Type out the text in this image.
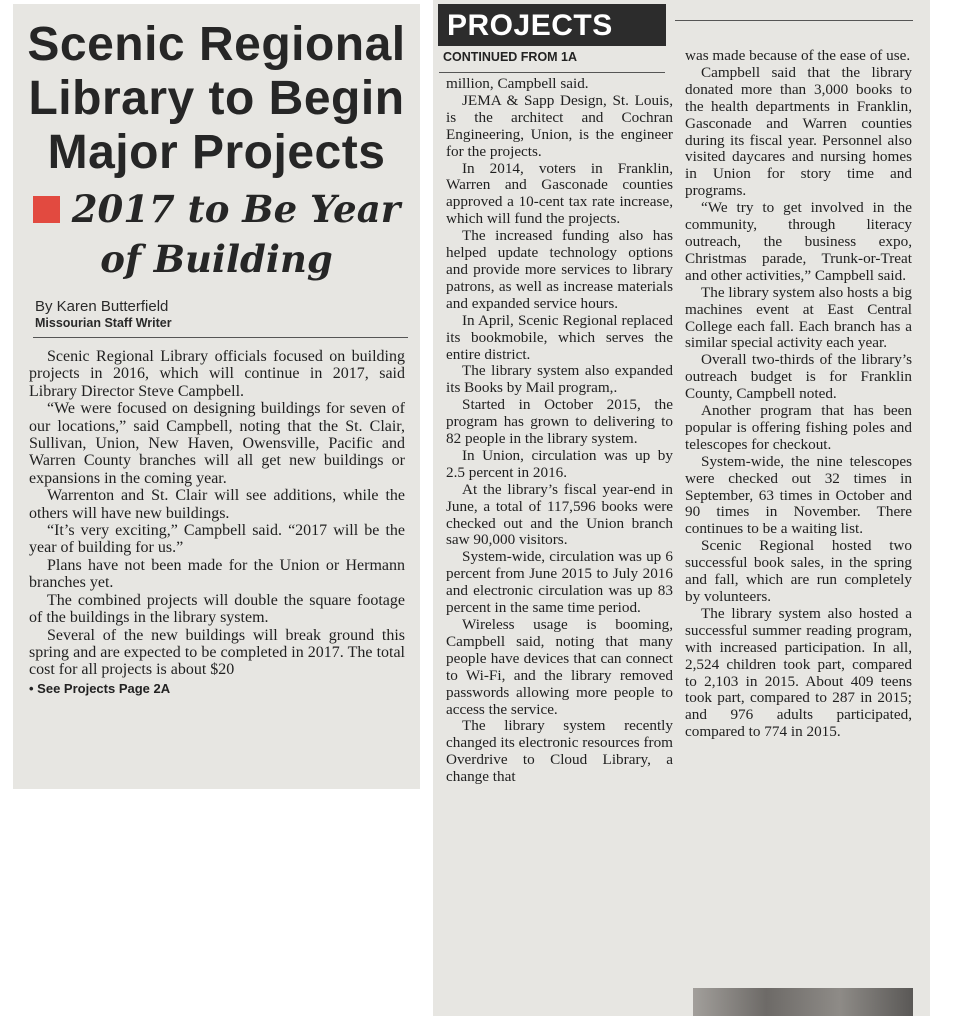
Scenic Regional Library to Begin Major Projects
2017 to Be Year of Building
By Karen Butterfield
Missourian Staff Writer

Scenic Regional Library officials focused on building projects in 2016, which will continue in 2017, said Library Director Steve Campbell.

“We were focused on designing buildings for seven of our locations,” said Campbell, noting that the St. Clair, Sullivan, Union, New Haven, Owensville, Pacific and Warren County branches will all get new buildings or expansions in the coming year.

Warrenton and St. Clair will see additions, while the others will have new buildings.

“It’s very exciting,” Campbell said. “2017 will be the year of building for us.”

Plans have not been made for the Union or Hermann branches yet.

The combined projects will double the square footage of the buildings in the library system.

Several of the new buildings will break ground this spring and are expected to be completed in 2017. The total cost for all projects is about $20

• See Projects Page 2A
PROJECTS
CONTINUED FROM 1A

million, Campbell said.

JEMA & Sapp Design, St. Louis, is the architect and Cochran Engineering, Union, is the engineer for the projects.

In 2014, voters in Franklin, Warren and Gasconade counties approved a 10-cent tax rate increase, which will fund the projects.

The increased funding also has helped update technology options and provide more services to library patrons, as well as increase materials and expanded service hours.

In April, Scenic Regional replaced its bookmobile, which serves the entire district.

The library system also expanded its Books by Mail program,.

Started in October 2015, the program has grown to delivering to 82 people in the library system.

In Union, circulation was up by 2.5 percent in 2016.

At the library’s fiscal year-end in June, a total of 117,596 books were checked out and the Union branch saw 90,000 visitors.

System-wide, circulation was up 6 percent from June 2015 to July 2016 and electronic circulation was up 83 percent in the same time period.

Wireless usage is booming, Campbell said, noting that many people have devices that can connect to Wi-Fi, and the library removed passwords allowing more people to access the service.

The library system recently changed its electronic resources from Overdrive to Cloud Library, a change that

was made because of the ease of use.

Campbell said that the library donated more than 3,000 books to the health departments in Franklin, Gasconade and Warren counties during its fiscal year. Personnel also visited daycares and nursing homes in Union for story time and programs.

“We try to get involved in the community, through literacy outreach, the business expo, Christmas parade, Trunk-or-Treat and other activities,” Campbell said.

The library system also hosts a big machines event at East Central College each fall. Each branch has a similar special activity each year.

Overall two-thirds of the library’s outreach budget is for Franklin County, Campbell noted.

Another program that has been popular is offering fishing poles and telescopes for checkout.

System-wide, the nine telescopes were checked out 32 times in September, 63 times in October and 90 times in November. There continues to be a waiting list.

Scenic Regional hosted two successful book sales, in the spring and fall, which are run completely by volunteers.

The library system also hosted a successful summer reading program, with increased participation. In all, 2,524 children took part, compared to 2,103 in 2015. About 409 teens took part, compared to 287 in 2015; and 976 adults participated, compared to 774 in 2015.
